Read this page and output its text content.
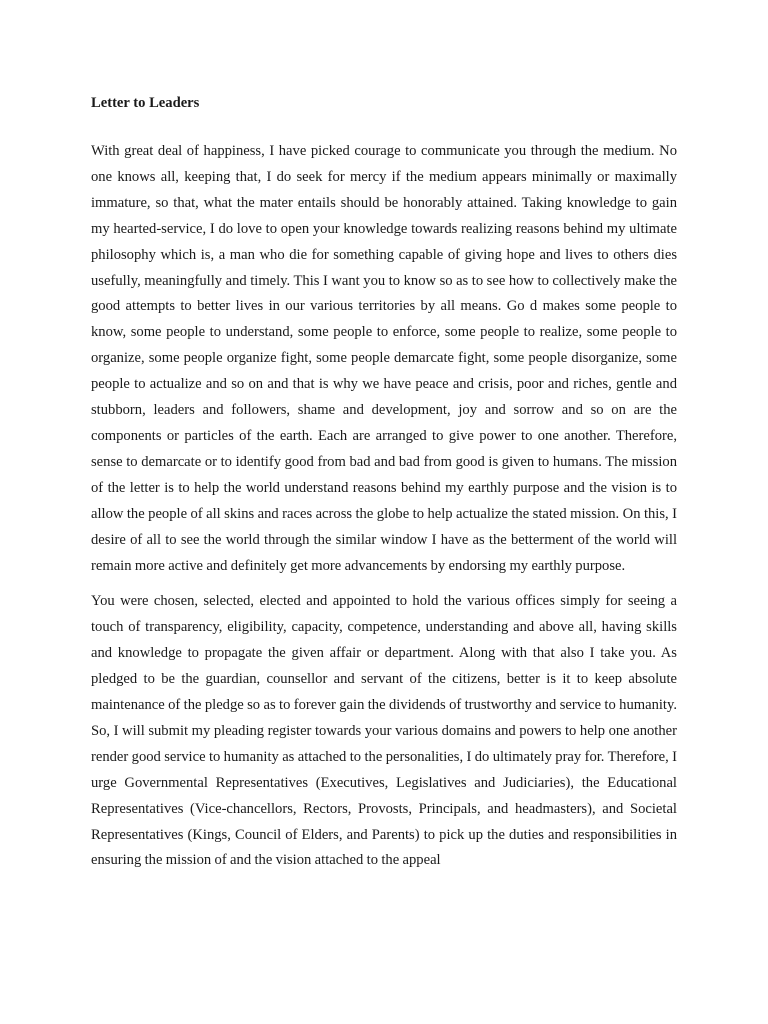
Letter to Leaders

With great deal of happiness, I have picked courage to communicate you through the medium. No one knows all, keeping that, I do seek for mercy if the medium appears minimally or maximally immature, so that, what the mater entails should be honorably attained. Taking knowledge to gain my hearted-service, I do love to open your knowledge towards realizing reasons behind my ultimate philosophy which is, a man who die for something capable of giving hope and lives to others dies usefully, meaningfully and timely. This I want you to know so as to see how to collectively make the good attempts to better lives in our various territories by all means. Go d makes some people to know, some people to understand, some people to enforce, some people to realize, some people to organize, some people organize fight, some people demarcate fight, some people disorganize, some people to actualize and so on and that is why we have peace and crisis, poor and riches, gentle and stubborn, leaders and followers, shame and development, joy and sorrow and so on are the components or particles of the earth. Each are arranged to give power to one another. Therefore, sense to demarcate or to identify good from bad and bad from good is given to humans. The mission of the letter is to help the world understand reasons behind my earthly purpose and the vision is to allow the people of all skins and races across the globe to help actualize the stated mission. On this, I desire of all to see the world through the similar window I have as the betterment of the world will remain more active and definitely get more advancements by endorsing my earthly purpose.

You were chosen, selected, elected and appointed to hold the various offices simply for seeing a touch of transparency, eligibility, capacity, competence, understanding and above all, having skills and knowledge to propagate the given affair or department. Along with that also I take you. As pledged to be the guardian, counsellor and servant of the citizens, better is it to keep absolute maintenance of the pledge so as to forever gain the dividends of trustworthy and service to humanity. So, I will submit my pleading register towards your various domains and powers to help one another render good service to humanity as attached to the personalities, I do ultimately pray for. Therefore, I urge Governmental Representatives (Executives, Legislatives and Judiciaries), the Educational Representatives (Vice-chancellors, Rectors, Provosts, Principals, and headmasters), and Societal Representatives (Kings, Council of Elders, and Parents) to pick up the duties and responsibilities in ensuring the mission of and the vision attached to the appeal
